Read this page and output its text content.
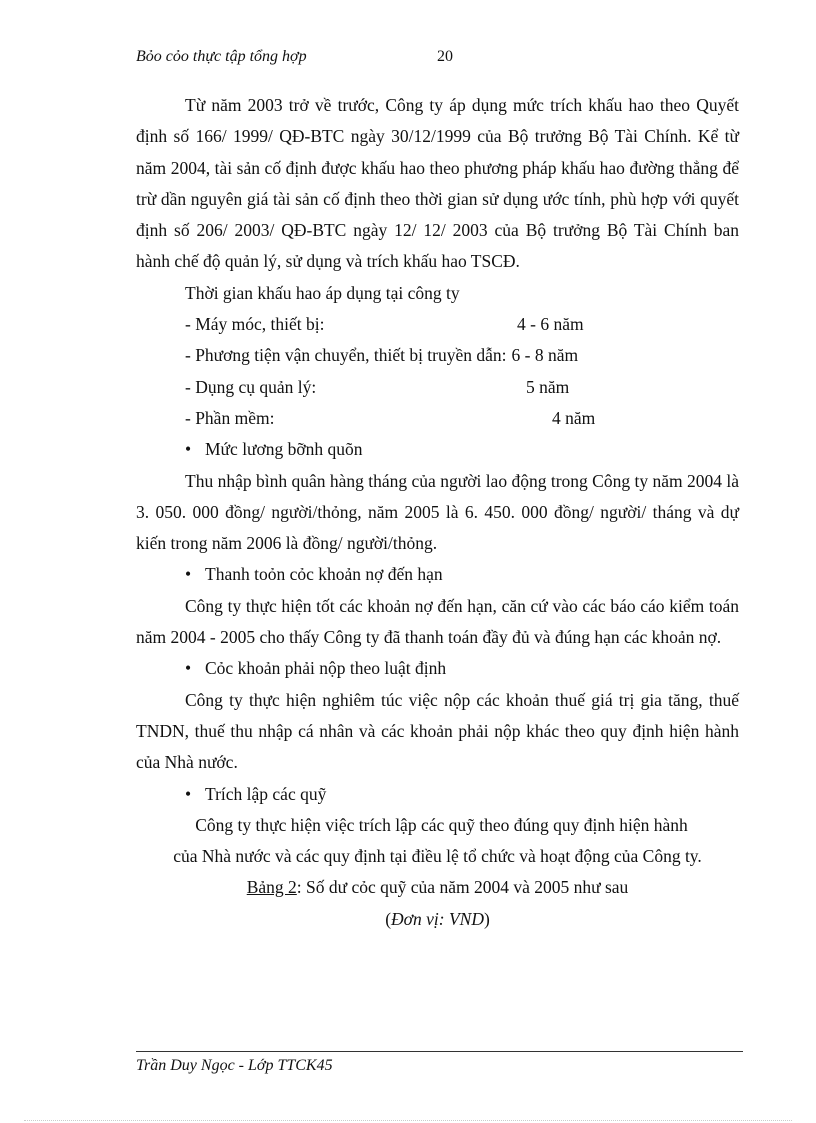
Bỏo cỏo thực tập tổng hợp	20

Từ năm 2003 trở về trước, Công ty áp dụng mức trích khấu hao theo Quyết định số 166/ 1999/ QĐ-BTC ngày 30/12/1999 của Bộ trưởng Bộ Tài Chính. Kể từ năm 2004, tài sản cố định được khấu hao theo phương pháp khấu hao đường thẳng để trừ dần nguyên giá tài sản cố định theo thời gian sử dụng ước tính, phù hợp với quyết định số 206/ 2003/ QĐ-BTC ngày 12/ 12/ 2003 của Bộ trưởng Bộ Tài Chính ban hành chế độ quản lý, sử dụng và trích khấu hao TSCĐ.

Thời gian khấu hao áp dụng tại công ty

- Máy móc, thiết bị:	4 - 6 năm
- Phương tiện vận chuyển, thiết bị truyền dẫn: 6 - 8 năm
- Dụng cụ quản lý:	5 năm
- Phần mềm:	4 năm

• Mức lương bỡnh quõn

Thu nhập bình quân hàng tháng của người lao động trong Công ty năm 2004 là 3. 050. 000 đồng/ người/thỏng, năm 2005 là 6. 450. 000 đồng/ người/ tháng và dự kiến trong năm 2006 là đồng/ người/thỏng.

• Thanh toỏn cỏc khoản nợ đến hạn

Công ty thực hiện tốt các khoản nợ đến hạn, căn cứ vào các báo cáo kiểm toán năm 2004 - 2005 cho thấy Công ty đã thanh toán đầy đủ và đúng hạn các khoản nợ.

• Cỏc khoản phải nộp theo luật định

Công ty thực hiện nghiêm túc việc nộp các khoản thuế giá trị gia tăng, thuế TNDN, thuế thu nhập cá nhân và các khoản phải nộp khác theo quy định hiện hành của Nhà nước.

• Trích lập các quỹ

Công ty thực hiện việc trích lập các quỹ theo đúng quy định hiện hành

của Nhà nước và các quy định tại điều lệ tổ chức và hoạt động của Công ty.

Bảng 2: Số dư cỏc quỹ của năm 2004 và 2005 như sau

(Đơn vị: VND)

Trần Duy Ngọc - Lớp TTCK45
